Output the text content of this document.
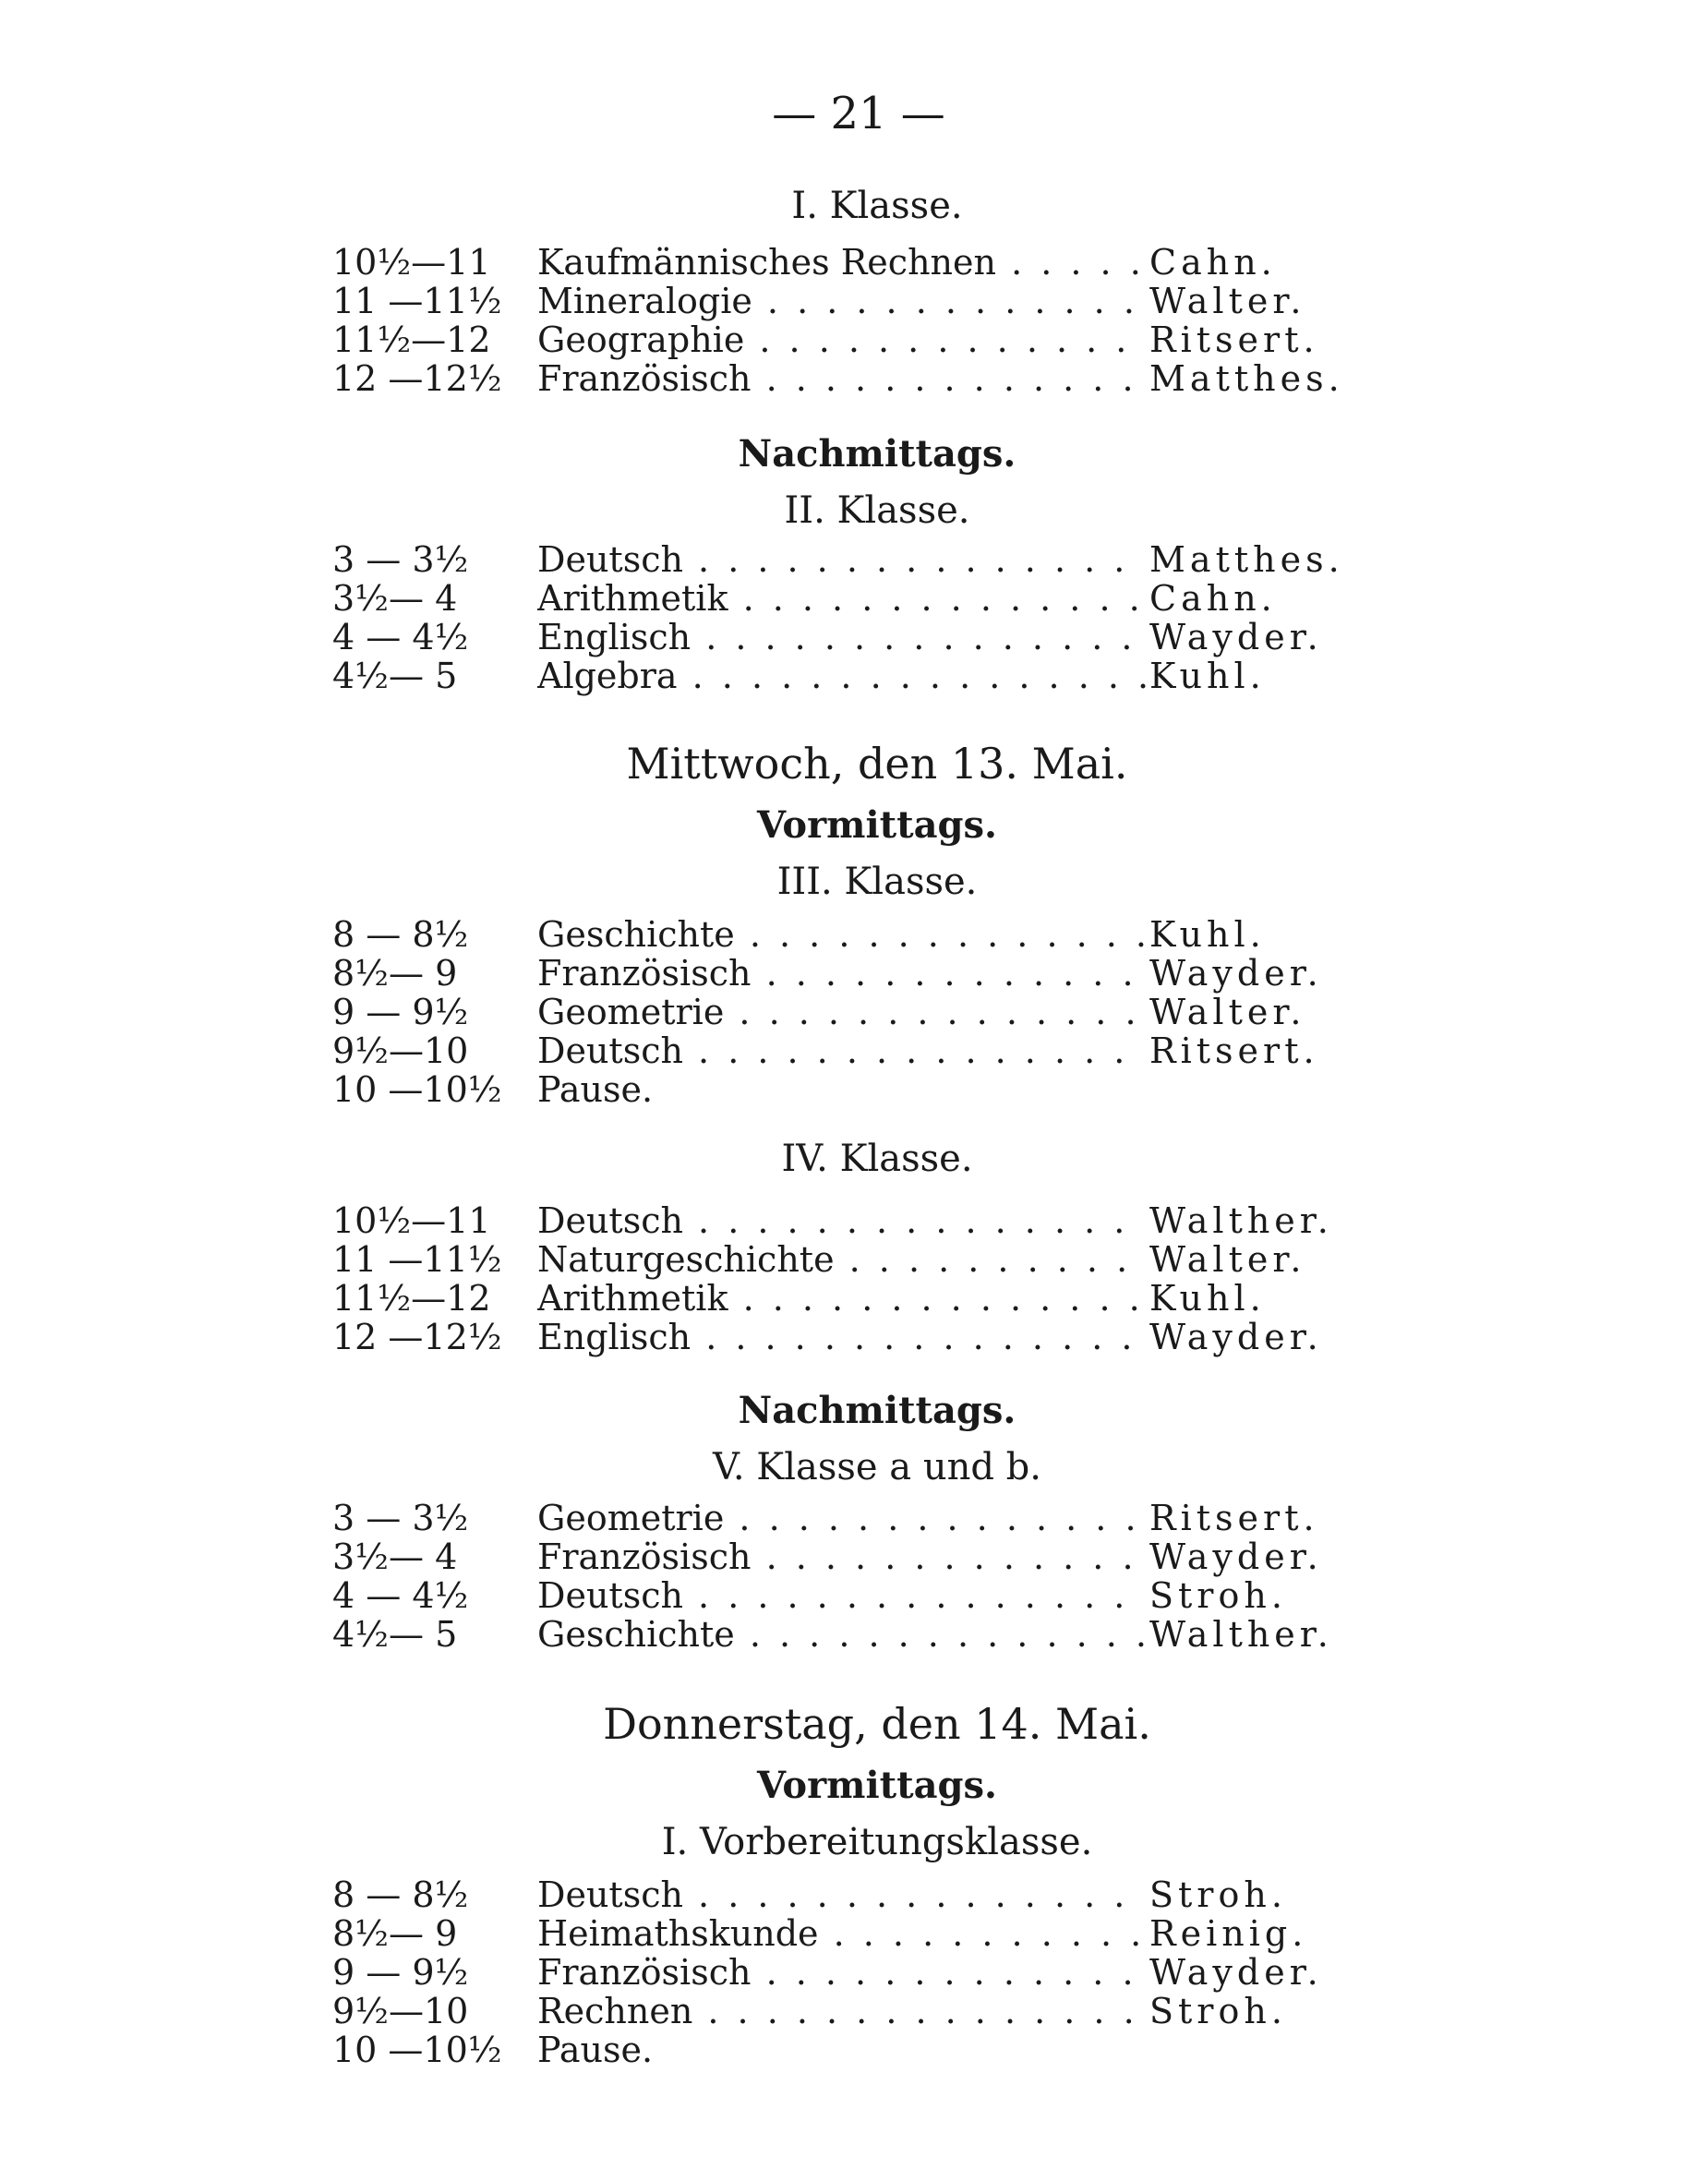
— 21 —
I. Klasse.
10½—11	Kaufmännisches Rechnen . . .	Cahn.
11 —11½	Mineralogie . . .	Walter.
11½—12	Geographie . . .	Ritsert.
12 —12½	Französisch . . .	Matthes.
Nachmittags.
II. Klasse.
3 — 3½	Deutsch . . .	Matthes.
3½— 4	Arithmetik . . .	Cahn.
4 — 4½	Englisch . . .	Wayder.
4½— 5	Algebra . . .	Kuhl.
Mittwoch, den 13. Mai.
Vormittags.
III. Klasse.
8 — 8½	Geschichte . . .	Kuhl.
8½— 9	Französisch . . .	Wayder.
9 — 9½	Geometrie . . .	Walter.
9½—10	Deutsch . . .	Ritsert.
10 —10½	Pause.
IV. Klasse.
10½—11	Deutsch . . .	Walther.
11 —11½	Naturgeschichte . . .	Walter.
11½—12	Arithmetik . . .	Kuhl.
12 —12½	Englisch . . .	Wayder.
Nachmittags.
V. Klasse a und b.
3 — 3½	Geometrie . . .	Ritsert.
3½— 4	Französisch . . .	Wayder.
4 — 4½	Deutsch . . .	Stroh.
4½— 5	Geschichte . . .	Walther.
Donnerstag, den 14. Mai.
Vormittags.
I. Vorbereitungsklasse.
8 — 8½	Deutsch . . .	Stroh.
8½— 9	Heimathskunde . . .	Reinig.
9 — 9½	Französisch . . .	Wayder.
9½—10	Rechnen . . .	Stroh.
10 —10½	Pause.
